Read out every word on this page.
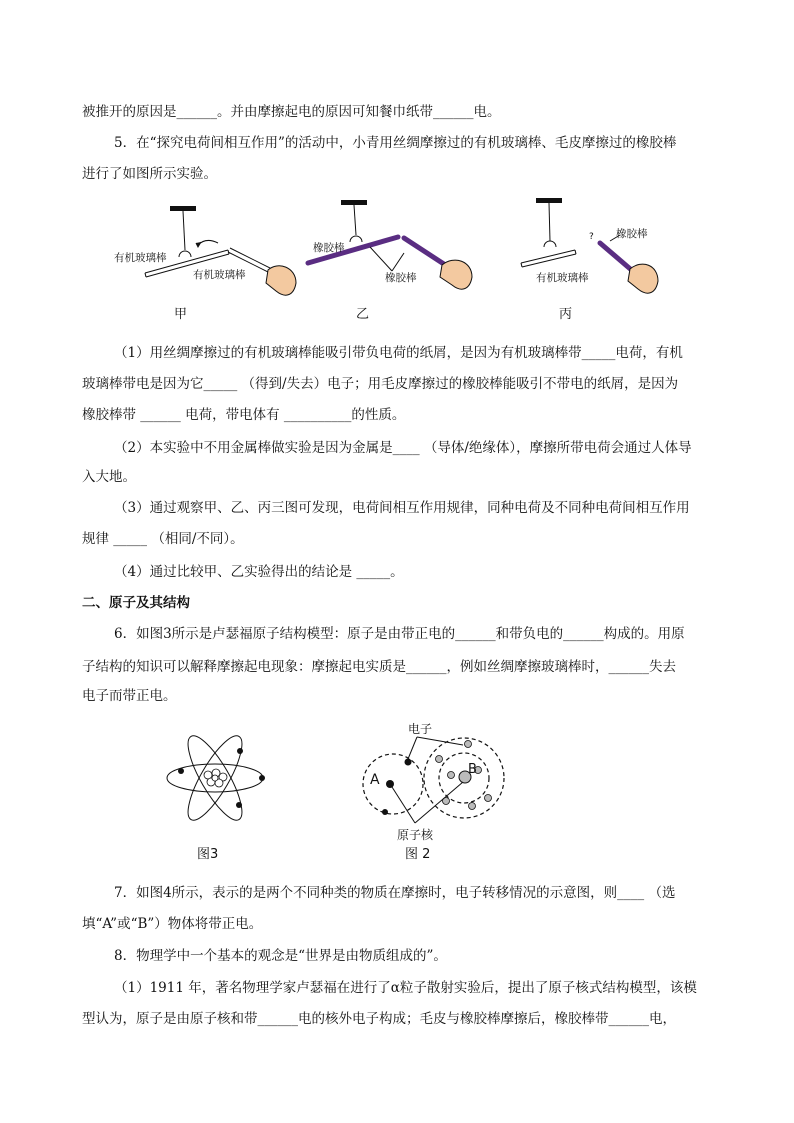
被推开的原因是______。并由摩擦起电的原因可知餐巾纸带______电。
5．在“探究电荷间相互作用”的活动中，小青用丝绸摩擦过的有机玻璃棒、毛皮摩擦过的橡胶棒
进行了如图所示实验。
有机玻璃棒
有机玻璃棒
橡胶棒
橡胶棒
? 橡胶棒
有机玻璃棒
甲	乙	丙
（1）用丝绸摩擦过的有机玻璃棒能吸引带负电荷的纸屑，是因为有机玻璃棒带_____电荷，有机
玻璃棒带电是因为它_____ （得到/失去）电子；用毛皮摩擦过的橡胶棒能吸引不带电的纸屑，是因为
橡胶棒带 ______ 电荷，带电体有 __________的性质。
（2）本实验中不用金属棒做实验是因为金属是____ （导体/绝缘体），摩擦所带电荷会通过人体导
入大地。
（3）通过观察甲、乙、丙三图可发现，电荷间相互作用规律，同种电荷及不同种电荷间相互作用
规律 _____ （相同/不同）。
（4）通过比较甲、乙实验得出的结论是 _____。
二、原子及其结构
6．如图3所示是卢瑟福原子结构模型：原子是由带正电的______和带负电的______构成的。用原
子结构的知识可以解释摩擦起电现象：摩擦起电实质是______，例如丝绸摩擦玻璃棒时，______失去
电子而带正电。
图3
电子
A
B
原子核
图 2
7．如图4所示，表示的是两个不同种类的物质在摩擦时，电子转移情况的示意图，则____ （选
填“A”或“B”）物体将带正电。
8．物理学中一个基本的观念是“世界是由物质组成的”。
（1）1911 年，著名物理学家卢瑟福在进行了α粒子散射实验后，提出了原子核式结构模型，该模
型认为，原子是由原子核和带______电的核外电子构成；毛皮与橡胶棒摩擦后，橡胶棒带______电，
